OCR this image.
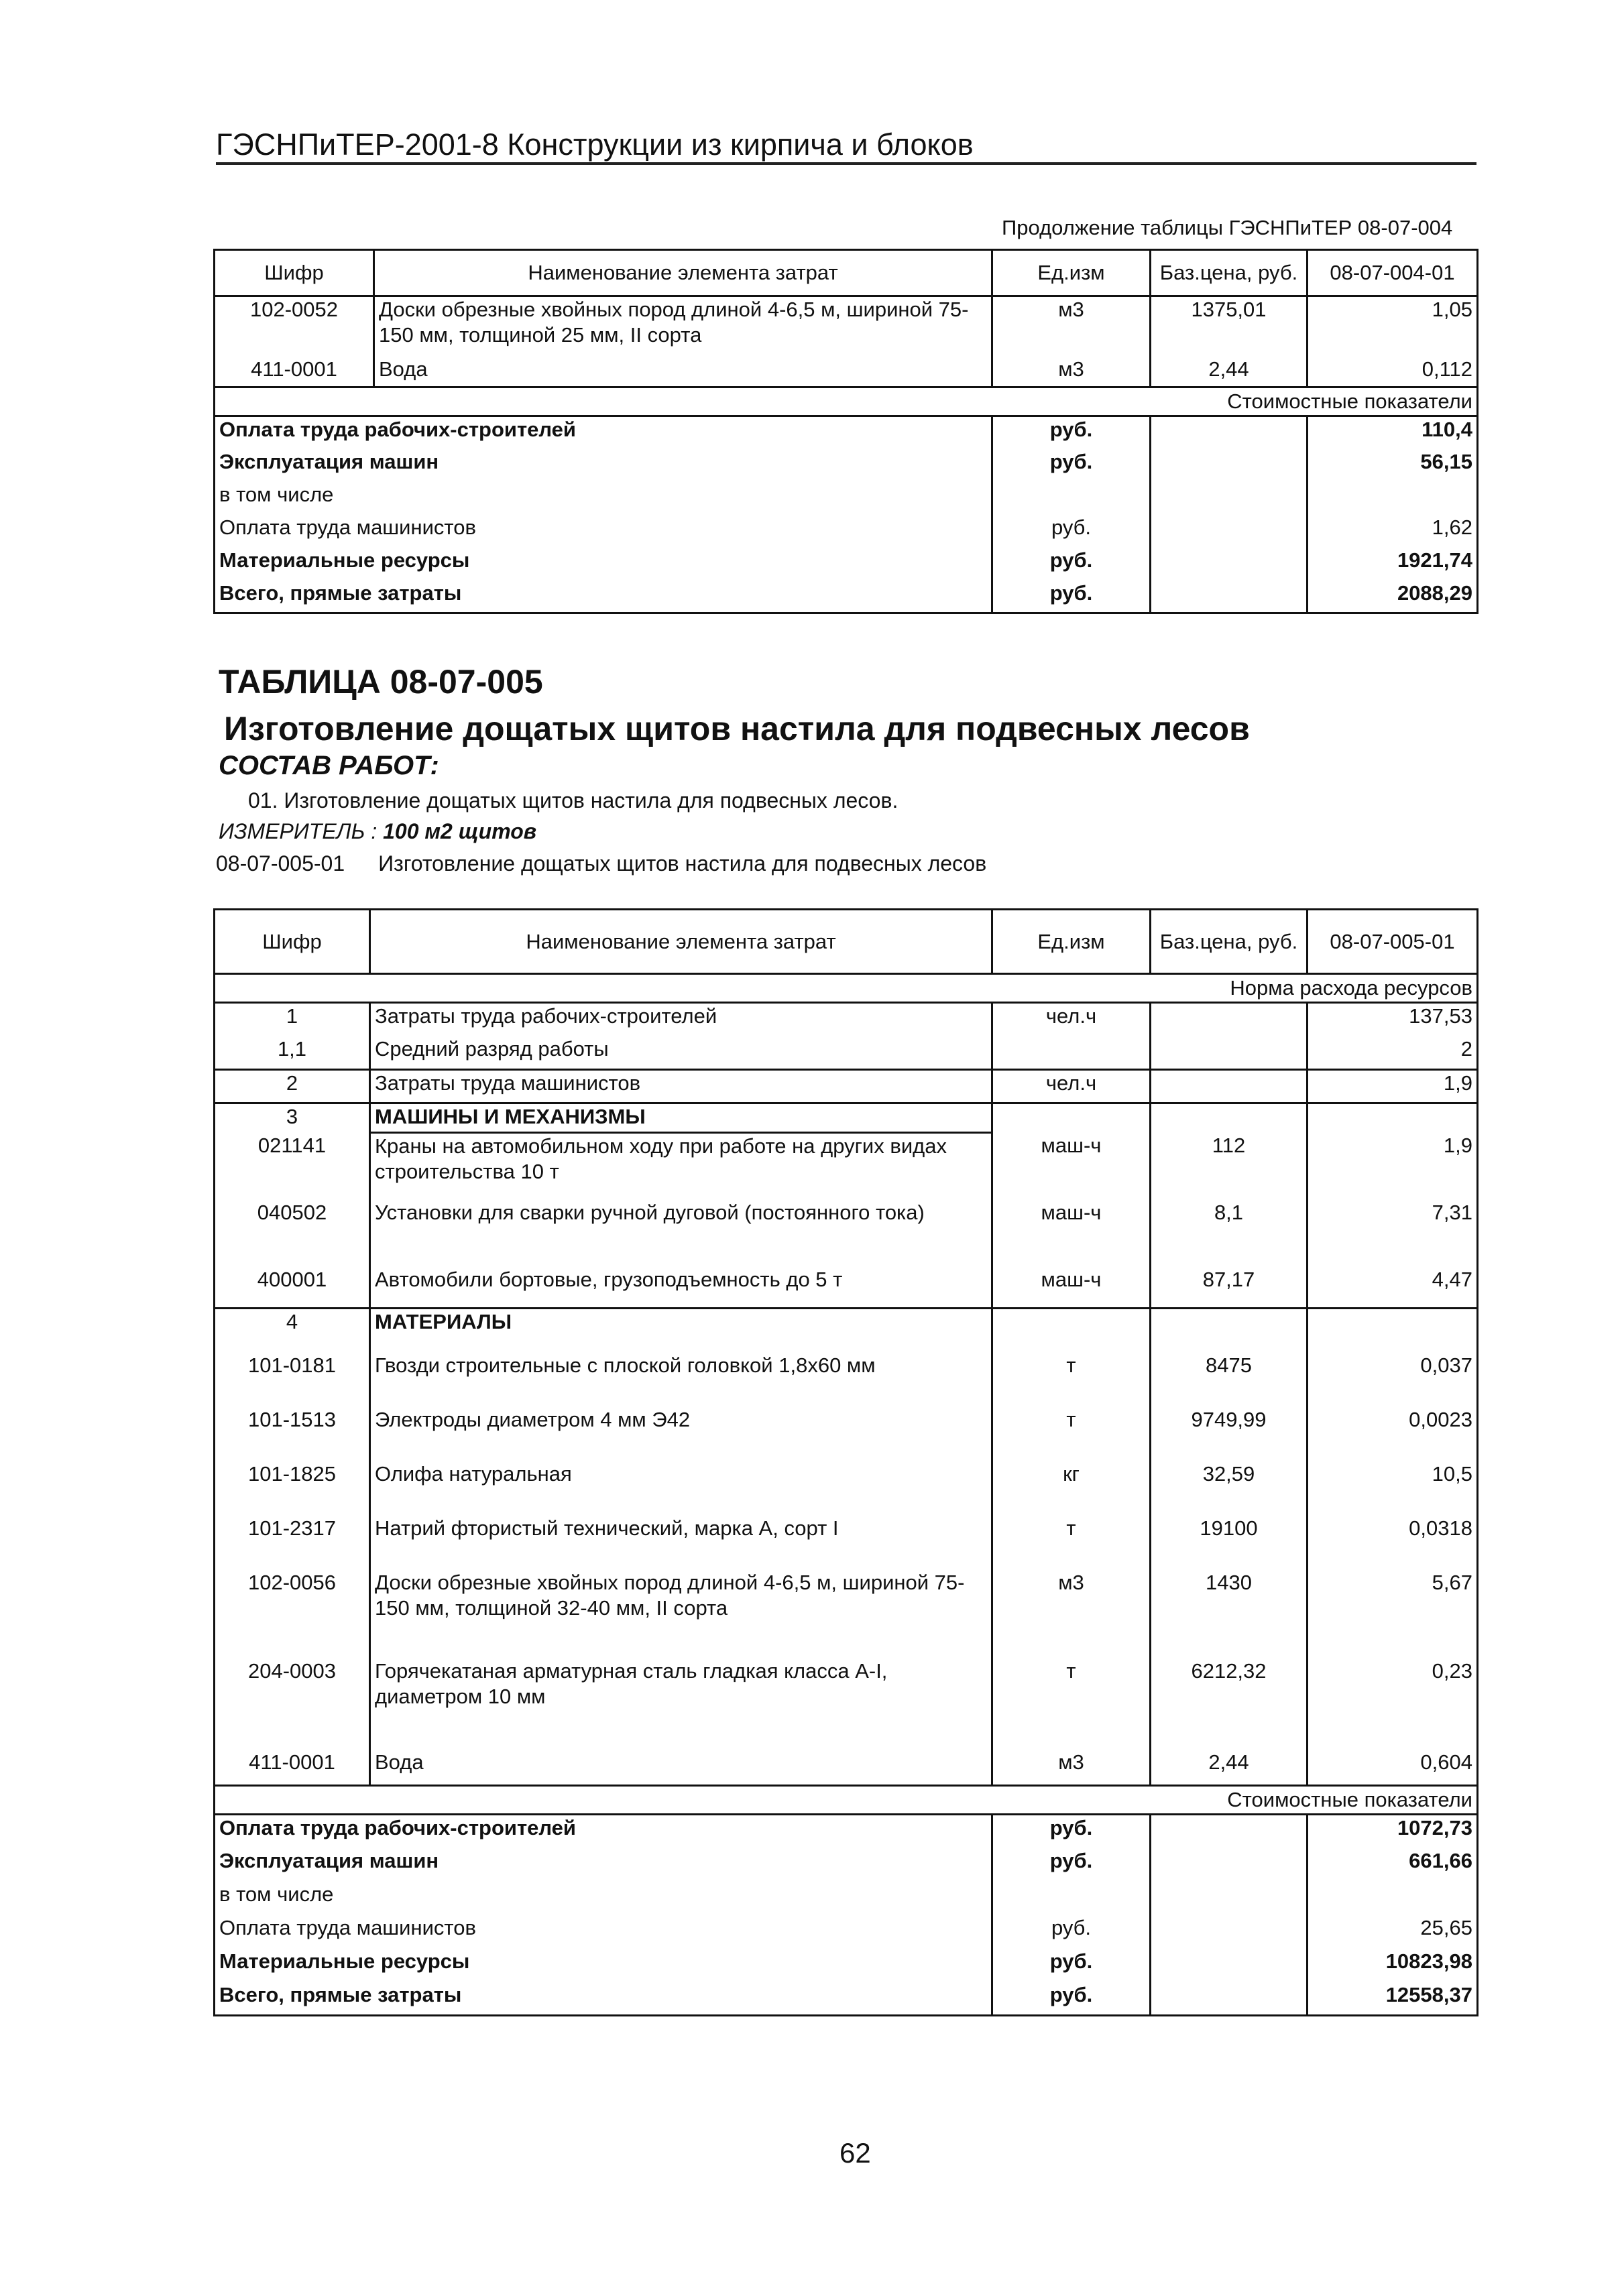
ГЭСНПиТЕР-2001-8 Конструкции из кирпича и блоков
Продолжение таблицы ГЭСНПиТЕР 08-07-004
Шифр	Наименование элемента затрат	Ед.изм	Баз.цена, руб.	08-07-004-01
102-0052	Доски обрезные хвойных пород длиной 4-6,5 м, шириной 75-150 мм, толщиной 25 мм, II сорта	м3	1375,01	1,05
411-0001	Вода	м3	2,44	0,112
Стоимостные показатели				
Оплата труда рабочих-строителей		руб.		110,4
Эксплуатация машин		руб.		56,15
в том числе				
Оплата труда машинистов		руб.		1,62
Материальные ресурсы		руб.		1921,74
Всего, прямые затраты		руб.		2088,29
ТАБЛИЦА 08-07-005
Изготовление дощатых щитов настила для подвесных лесов
СОСТАВ РАБОТ:
01. Изготовление дощатых щитов настила для подвесных лесов.
ИЗМЕРИТЕЛЬ : 100 м2 щитов
08-07-005-01 Изготовление дощатых щитов настила для подвесных лесов
Шифр	Наименование элемента затрат	Ед.изм	Баз.цена, руб.	08-07-005-01
Норма расхода ресурсов				
1	Затраты труда рабочих-строителей	чел.ч		137,53
1,1	Средний разряд работы			2
2	Затраты труда машинистов	чел.ч		1,9
3	МАШИНЫ И МЕХАНИЗМЫ			
021141	Краны на автомобильном ходу при работе на других видах строительства 10 т	маш-ч	112	1,9
040502	Установки для сварки ручной дуговой (постоянного тока)	маш-ч	8,1	7,31
400001	Автомобили бортовые, грузоподъемность до 5 т	маш-ч	87,17	4,47
4	МАТЕРИАЛЫ			
101-0181	Гвозди строительные с плоской головкой 1,8х60 мм	т	8475	0,037
101-1513	Электроды диаметром 4 мм Э42	т	9749,99	0,0023
101-1825	Олифа натуральная	кг	32,59	10,5
101-2317	Натрий фтористый технический, марка А, сорт I	т	19100	0,0318
102-0056	Доски обрезные хвойных пород длиной 4-6,5 м, шириной 75-150 мм, толщиной 32-40 мм, II сорта	м3	1430	5,67
204-0003	Горячекатаная арматурная сталь гладкая класса А-I, диаметром 10 мм	т	6212,32	0,23
411-0001	Вода	м3	2,44	0,604
Стоимостные показатели				
Оплата труда рабочих-строителей		руб.		1072,73
Эксплуатация машин		руб.		661,66
в том числе				
Оплата труда машинистов		руб.		25,65
Материальные ресурсы		руб.		10823,98
Всего, прямые затраты		руб.		12558,37
62
